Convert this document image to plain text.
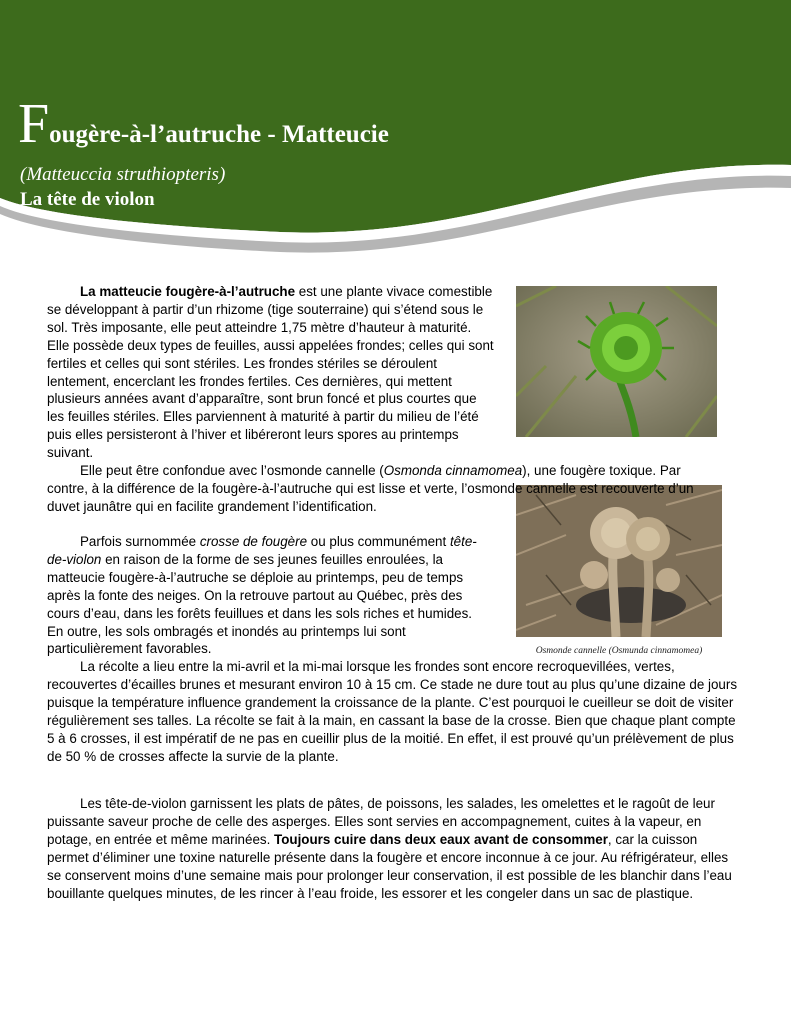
Fougère-à-l’autruche - Matteucie
(Matteuccia struthiopteris)
La tête de violon
Osmonde cannelle (Osmunda cinnamomea)

La matteucie fougère-à-l’autruche est une plante vivace comestible se développant à partir d’un rhizome (tige souterraine) qui s’étend sous le sol. Très imposante, elle peut atteindre 1,75 mètre d’hauteur à maturité. Elle possède deux types de feuilles, aussi appelées frondes; celles qui sont fertiles et celles qui sont stériles. Les frondes stériles se déroulent lentement, encerclant les frondes fertiles. Ces dernières, qui mettent plusieurs années avant d’apparaître, sont brun foncé et plus courtes que les feuilles stériles. Elles parviennent à maturité à partir du milieu de l’été puis elles persisteront à l’hiver et libéreront leurs spores au printemps suivant.

Elle peut être confondue avec l’osmonde cannelle (Osmonda cinnamomea), une fougère toxique. Par contre, à la différence de la fougère-à-l’autruche qui est lisse et verte, l’osmonde cannelle est recouverte d’un duvet jaunâtre qui en facilite grandement l’identification.

Parfois surnommée crosse de fougère ou plus communément tête-de-violon en raison de la forme de ses jeunes feuilles enroulées, la matteucie fougère-à-l’autruche se déploie au printemps, peu de temps après la fonte des neiges. On la retrouve partout au Québec, près des cours d’eau, dans les forêts feuillues et dans les sols riches et humides. En outre, les sols ombragés et inondés au printemps lui sont particulièrement favorables.

La récolte a lieu entre la mi-avril et la mi-mai lorsque les frondes sont encore recroquevillées, vertes, recouvertes d’écailles brunes et mesurant environ 10 à 15 cm. Ce stade ne dure tout au plus qu’une dizaine de jours puisque la température influence grandement la croissance de la plante. C’est pourquoi le cueilleur se doit de visiter régulièrement ses talles. La récolte se fait à la main, en cassant la base de la crosse. Bien que chaque plant compte 5 à 6 crosses, il est impératif de ne pas en cueillir plus de la moitié. En effet, il est prouvé qu’un prélèvement de plus de 50 % de crosses affecte la survie de la plante.

Les tête-de-violon garnissent les plats de pâtes, de poissons, les salades, les omelettes et le ragoût de leur puissante saveur proche de celle des asperges. Elles sont servies en accompagnement, cuites à la vapeur, en potage, en entrée et même marinées. Toujours cuire dans deux eaux avant de consommer, car la cuisson permet d’éliminer une toxine naturelle présente dans la fougère et encore inconnue à ce jour. Au réfrigérateur, elles se conservent moins d’une semaine mais pour prolonger leur conservation, il est possible de les blanchir dans l’eau bouillante quelques minutes, de les rincer à l’eau froide, les essorer et les congeler dans un sac de plastique.
